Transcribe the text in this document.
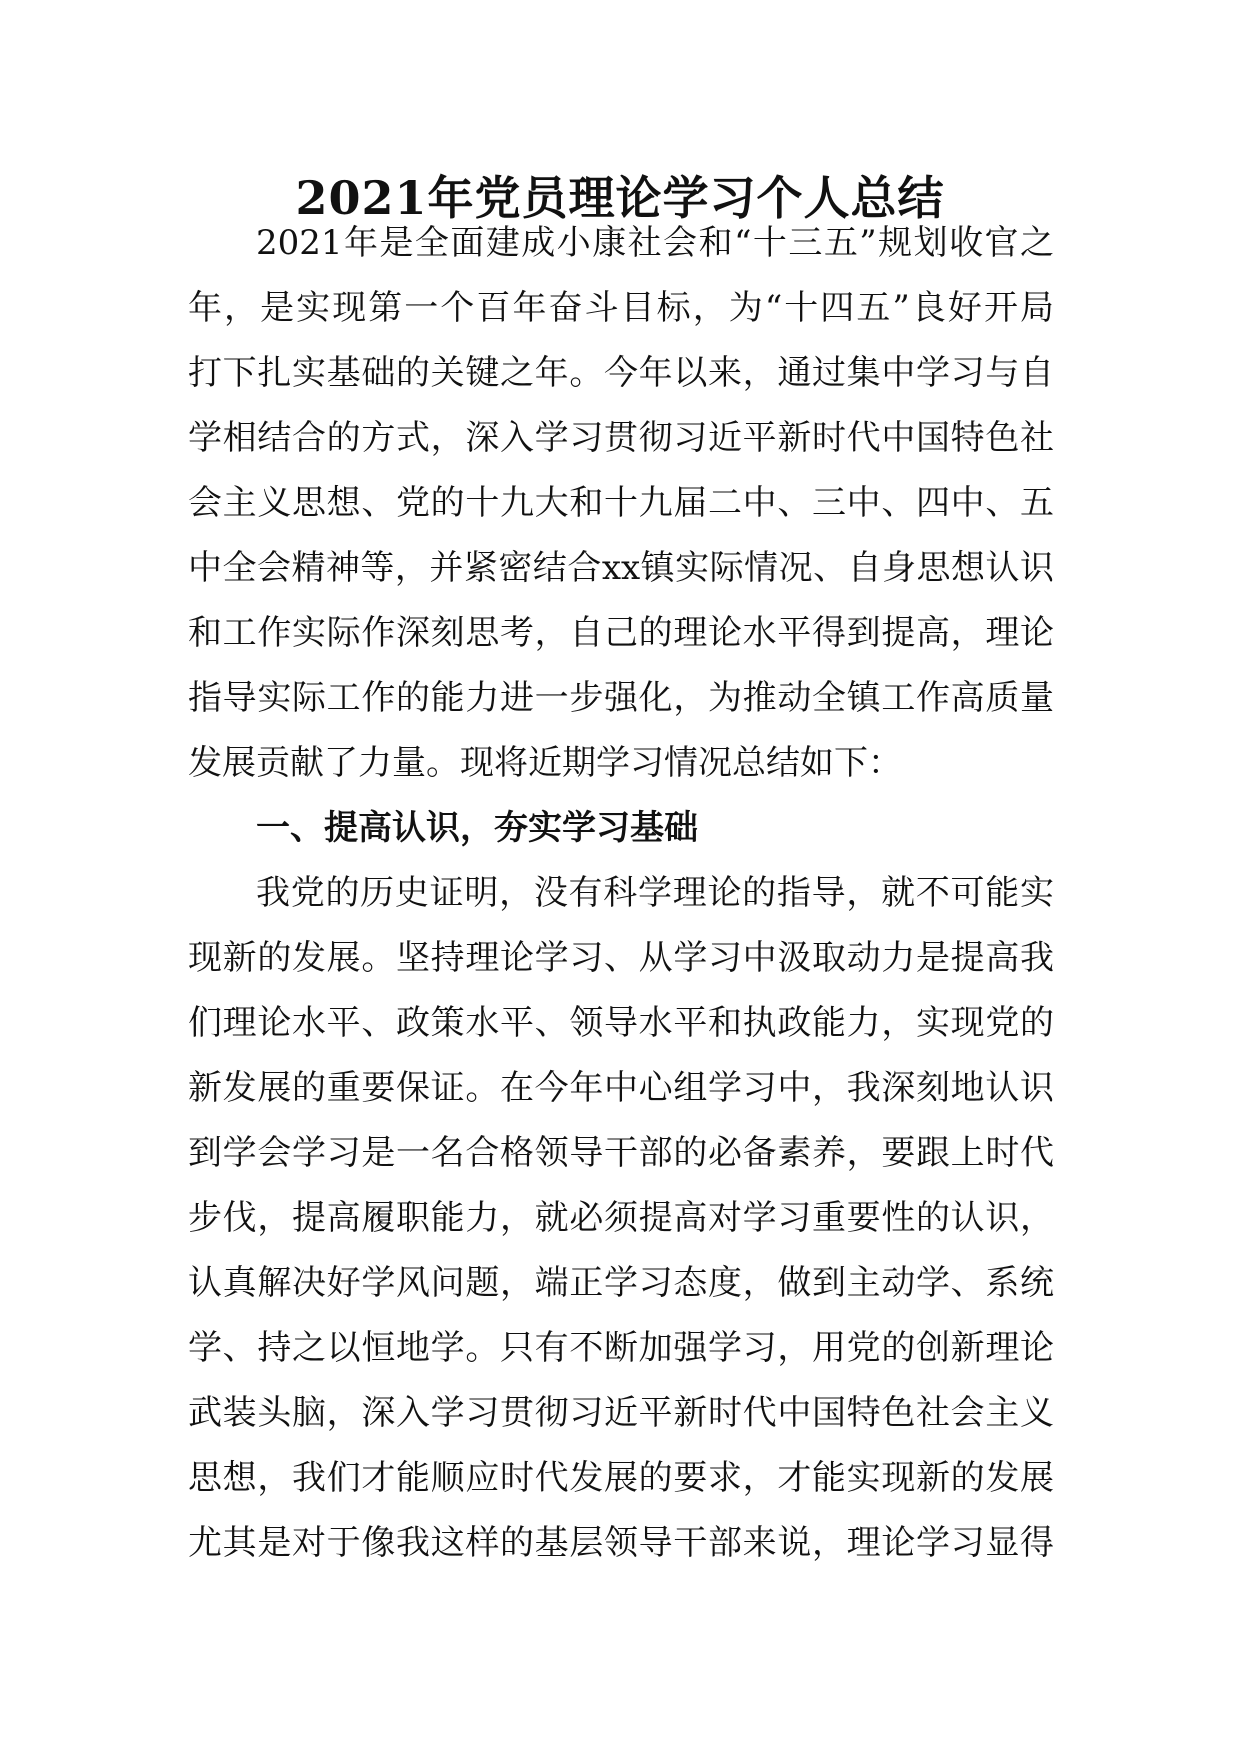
2021年党员理论学习个人总结
2021年是全面建成小康社会和“十三五”规划收官之
年，是实现第一个百年奋斗目标，为“十四五”良好开局
打下扎实基础的关键之年。今年以来，通过集中学习与自
学相结合的方式，深入学习贯彻习近平新时代中国特色社
会主义思想、党的十九大和十九届二中、三中、四中、五
中全会精神等，并紧密结合xx镇实际情况、自身思想认识
和工作实际作深刻思考，自己的理论水平得到提高，理论
指导实际工作的能力进一步强化，为推动全镇工作高质量
发展贡献了力量。现将近期学习情况总结如下：
一、提高认识，夯实学习基础
我党的历史证明，没有科学理论的指导，就不可能实
现新的发展。坚持理论学习、从学习中汲取动力是提高我
们理论水平、政策水平、领导水平和执政能力，实现党的
新发展的重要保证。在今年中心组学习中，我深刻地认识
到学会学习是一名合格领导干部的必备素养，要跟上时代
步伐，提高履职能力，就必须提高对学习重要性的认识，
认真解决好学风问题，端正学习态度，做到主动学、系统
学、持之以恒地学。只有不断加强学习，用党的创新理论
武装头脑，深入学习贯彻习近平新时代中国特色社会主义
思想，我们才能顺应时代发展的要求，才能实现新的发展
尤其是对于像我这样的基层领导干部来说，理论学习显得
